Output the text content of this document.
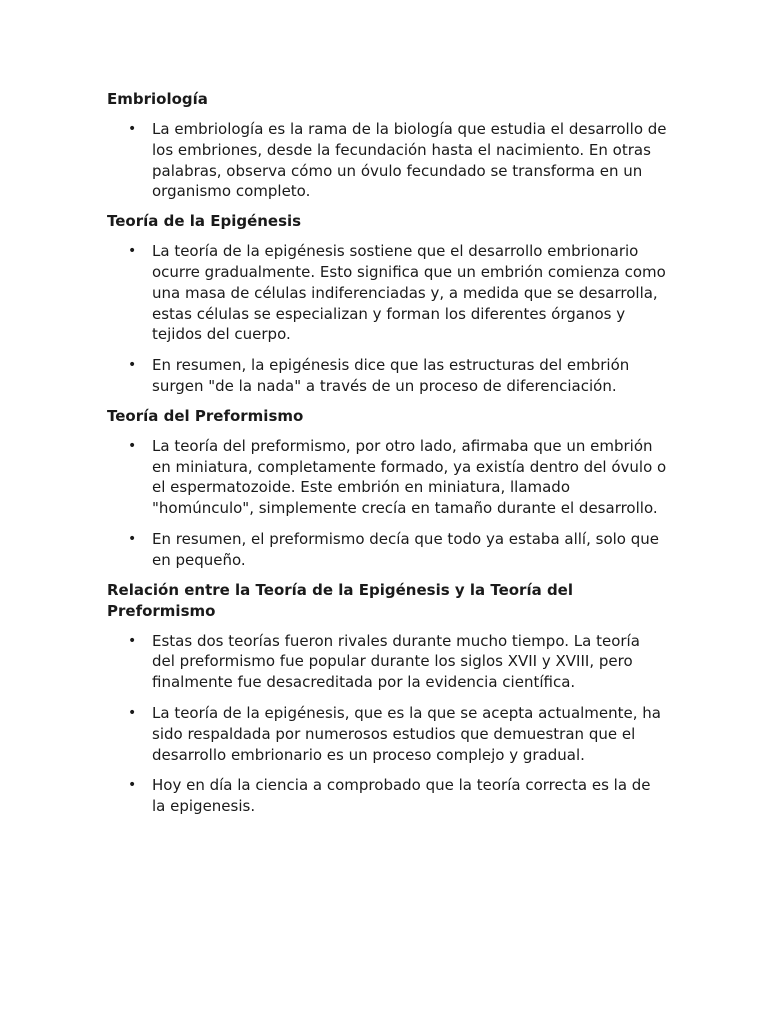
Embriología
• La embriología es la rama de la biología que estudia el desarrollo de los embriones, desde la fecundación hasta el nacimiento. En otras palabras, observa cómo un óvulo fecundado se transforma en un organismo completo.
Teoría de la Epigénesis
• La teoría de la epigénesis sostiene que el desarrollo embrionario ocurre gradualmente. Esto significa que un embrión comienza como una masa de células indiferenciadas y, a medida que se desarrolla, estas células se especializan y forman los diferentes órganos y tejidos del cuerpo.
• En resumen, la epigénesis dice que las estructuras del embrión surgen "de la nada" a través de un proceso de diferenciación.
Teoría del Preformismo
• La teoría del preformismo, por otro lado, afirmaba que un embrión en miniatura, completamente formado, ya existía dentro del óvulo o el espermatozoide. Este embrión en miniatura, llamado "homúnculo", simplemente crecía en tamaño durante el desarrollo.
• En resumen, el preformismo decía que todo ya estaba allí, solo que en pequeño.
Relación entre la Teoría de la Epigénesis y la Teoría del Preformismo
• Estas dos teorías fueron rivales durante mucho tiempo. La teoría del preformismo fue popular durante los siglos XVII y XVIII, pero finalmente fue desacreditada por la evidencia científica.
• La teoría de la epigénesis, que es la que se acepta actualmente, ha sido respaldada por numerosos estudios que demuestran que el desarrollo embrionario es un proceso complejo y gradual.
• Hoy en día la ciencia a comprobado que la teoría correcta es la de la epigenesis.
